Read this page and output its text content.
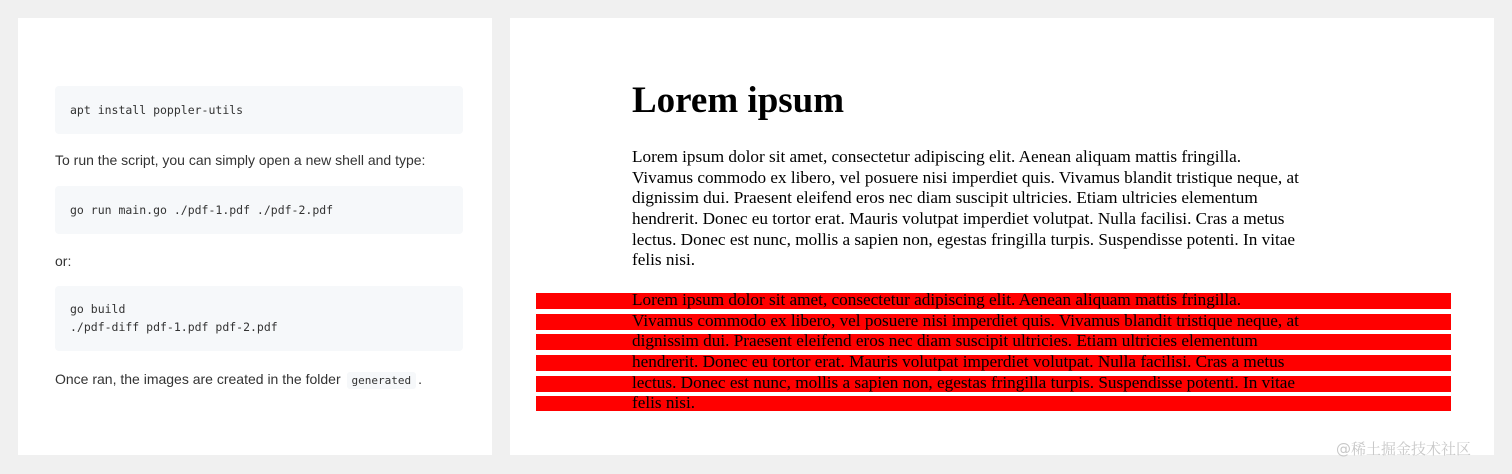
apt install poppler-utils
To run the script, you can simply open a new shell and type:
go run main.go ./pdf-1.pdf ./pdf-2.pdf
or:
go build
./pdf-diff pdf-1.pdf pdf-2.pdf
Once ran, the images are created in the folder generated .
Lorem ipsum
Lorem ipsum dolor sit amet, consectetur adipiscing elit. Aenean aliquam mattis fringilla.
Vivamus commodo ex libero, vel posuere nisi imperdiet quis. Vivamus blandit tristique neque, at
dignissim dui. Praesent eleifend eros nec diam suscipit ultricies. Etiam ultricies elementum
hendrerit. Donec eu tortor erat. Mauris volutpat imperdiet volutpat. Nulla facilisi. Cras a metus
lectus. Donec est nunc, mollis a sapien non, egestas fringilla turpis. Suspendisse potenti. In vitae
felis nisi.
Lorem ipsum dolor sit amet, consectetur adipiscing elit. Aenean aliquam mattis fringilla.
Vivamus commodo ex libero, vel posuere nisi imperdiet quis. Vivamus blandit tristique neque, at
dignissim dui. Praesent eleifend eros nec diam suscipit ultricies. Etiam ultricies elementum
hendrerit. Donec eu tortor erat. Mauris volutpat imperdiet volutpat. Nulla facilisi. Cras a metus
lectus. Donec est nunc, mollis a sapien non, egestas fringilla turpis. Suspendisse potenti. In vitae
felis nisi.
@稀土掘金技术社区
